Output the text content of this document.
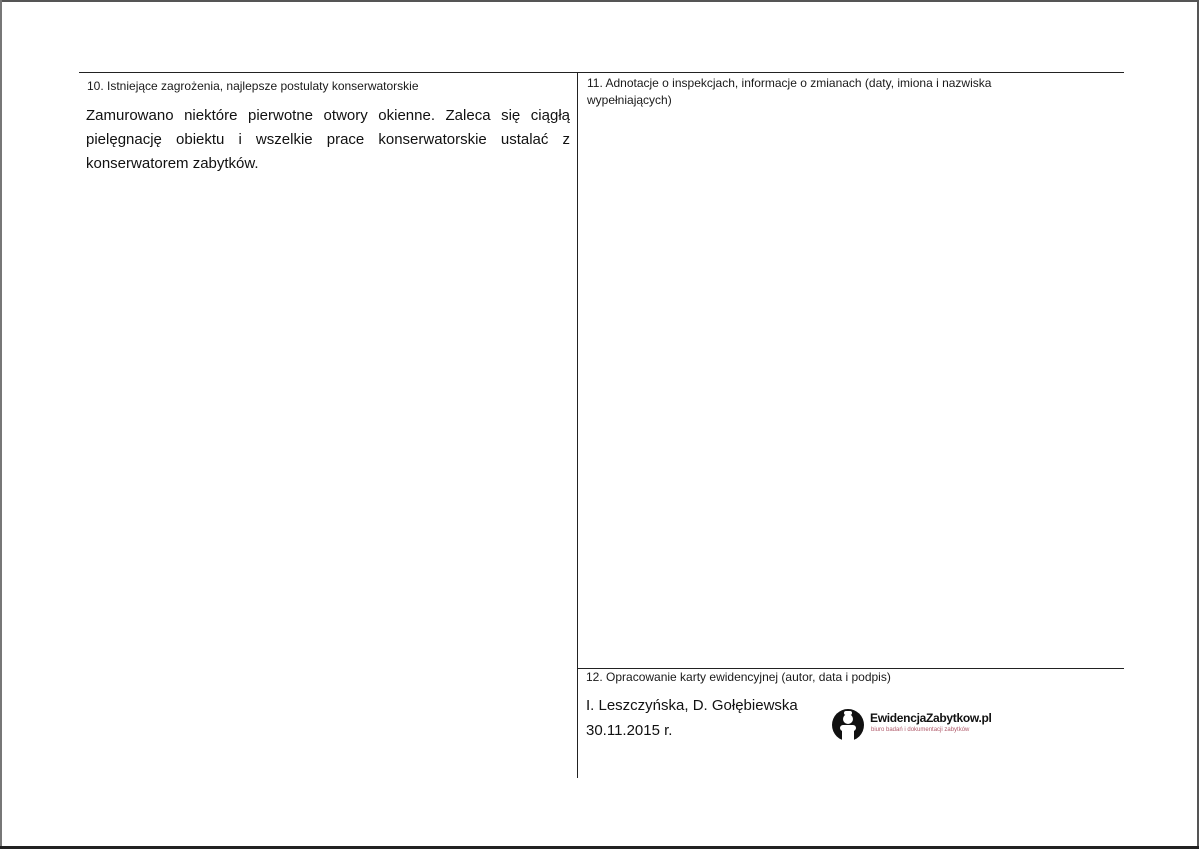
10. Istniejące zagrożenia, najlepsze postulaty konserwatorskie
Zamurowano niektóre pierwotne otwory okienne. Zaleca się ciągłą pielęgnację obiektu i wszelkie prace konserwatorskie ustalać z konserwatorem zabytków.
11. Adnotacje o inspekcjach, informacje o zmianach (daty, imiona i nazwiska wypełniających)
12. Opracowanie karty ewidencyjnej (autor, data i podpis)
I. Leszczyńska, D. Gołębiewska
30.11.2015 r.
EwidencjaZabytkow.pl
biuro badań i dokumentacji zabytków
